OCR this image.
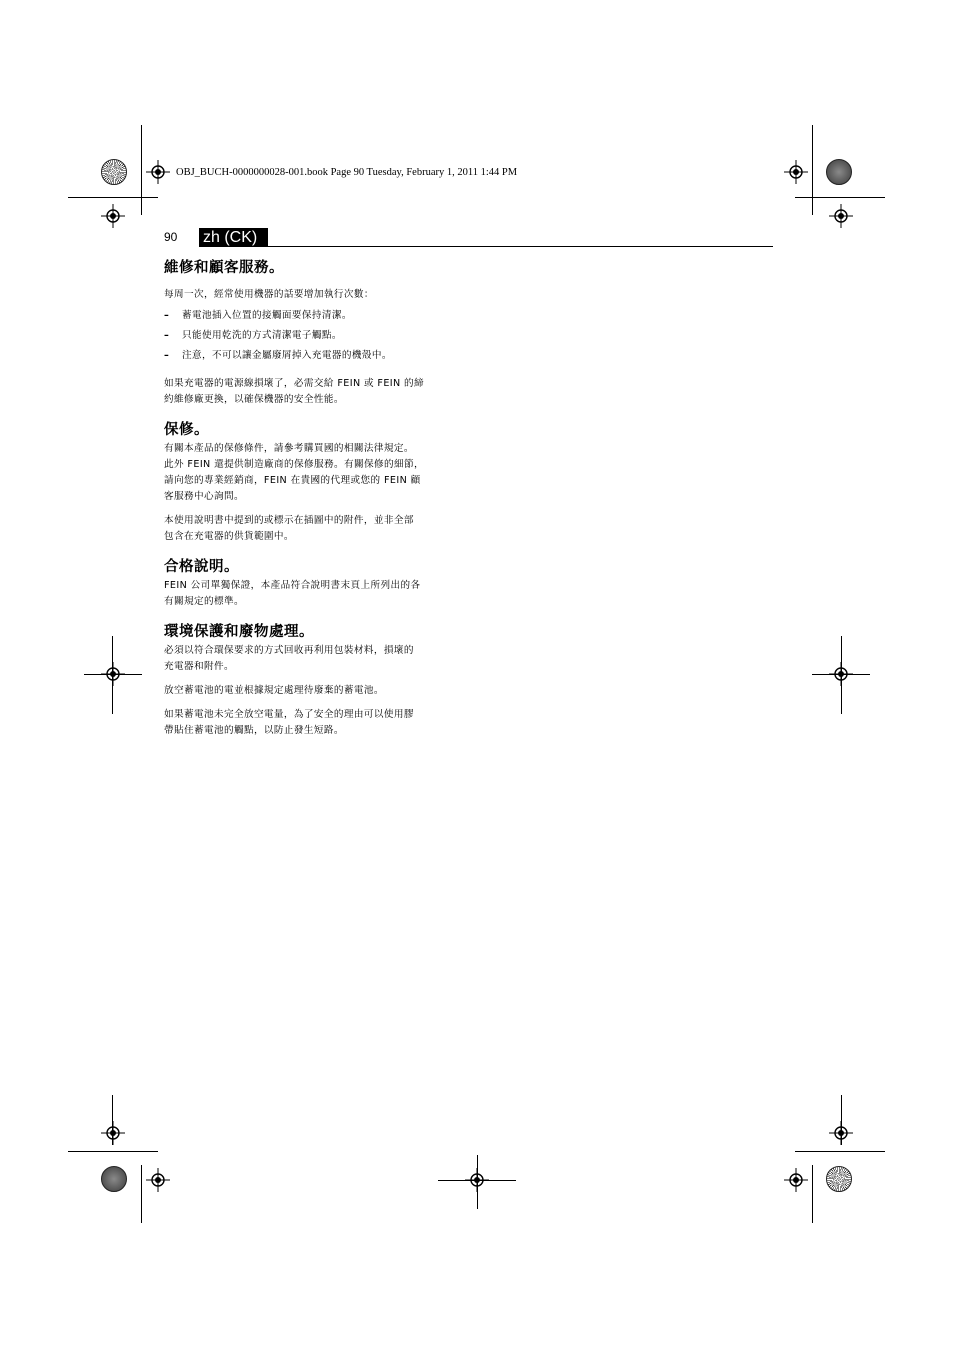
OBJ_BUCH-0000000028-001.book Page 90 Tuesday, February 1, 2011 1:44 PM
90 zh (CK)
維修和顧客服務。

每周一次，經常使用機器的話要增加執行次數：

–	蓄電池插入位置的接觸面要保持清潔。
–	只能使用乾洗的方式清潔電子觸點。
–	注意，不可以讓金屬廢屑掉入充電器的機殼中。

如果充電器的電源線損壞了，必需交給 FEIN 或 FEIN 的締

約維修廠更換，以確保機器的安全性能。

保修。

有關本產品的保修條件，請參考購買國的相關法律規定。

此外 FEIN 還提供制造廠商的保修服務。有關保修的細節，

請向您的專業經銷商，FEIN 在貴國的代理或您的 FEIN 顧

客服務中心詢問。

本使用說明書中提到的或標示在插圖中的附件，並非全部

包含在充電器的供貨範圍中。

合格說明。

FEIN 公司單獨保證，本產品符合說明書末頁上所列出的各

有關規定的標準。

環境保護和廢物處理。

必須以符合環保要求的方式回收再利用包裝材料，損壞的

充電器和附件。

放空蓄電池的電並根據規定處理待廢棄的蓄電池。

如果蓄電池未完全放空電量，為了安全的理由可以使用膠

帶貼住蓄電池的觸點，以防止發生短路。
